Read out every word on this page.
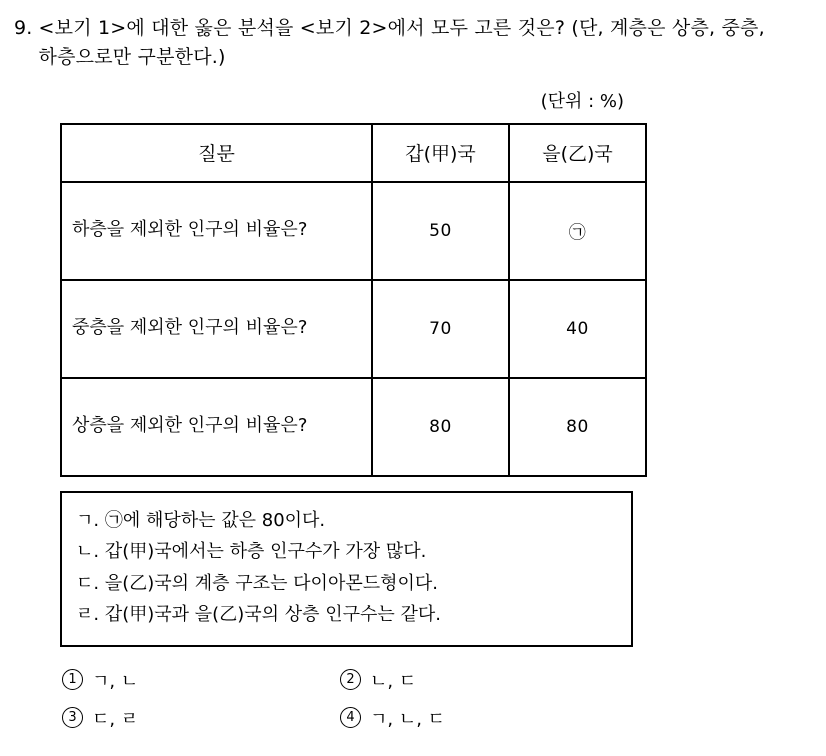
9. <보기 1>에 대한 옳은 분석을 <보기 2>에서 모두 고른 것은? (단, 계층은 상층, 중층, 하층으로만 구분한다.)
(단위 : %)
질문	갑(甲)국	을(乙)국
하층을 제외한 인구의 비율은?	50	㉠
중층을 제외한 인구의 비율은?	70	40
상층을 제외한 인구의 비율은?	80	80
ㄱ. ㉠에 해당하는 값은 80이다.
ㄴ. 갑(甲)국에서는 하층 인구수가 가장 많다.
ㄷ. 을(乙)국의 계층 구조는 다이아몬드형이다.
ㄹ. 갑(甲)국과 을(乙)국의 상층 인구수는 같다.
1 ㄱ, ㄴ	2 ㄴ, ㄷ
3 ㄷ, ㄹ	4 ㄱ, ㄴ, ㄷ
